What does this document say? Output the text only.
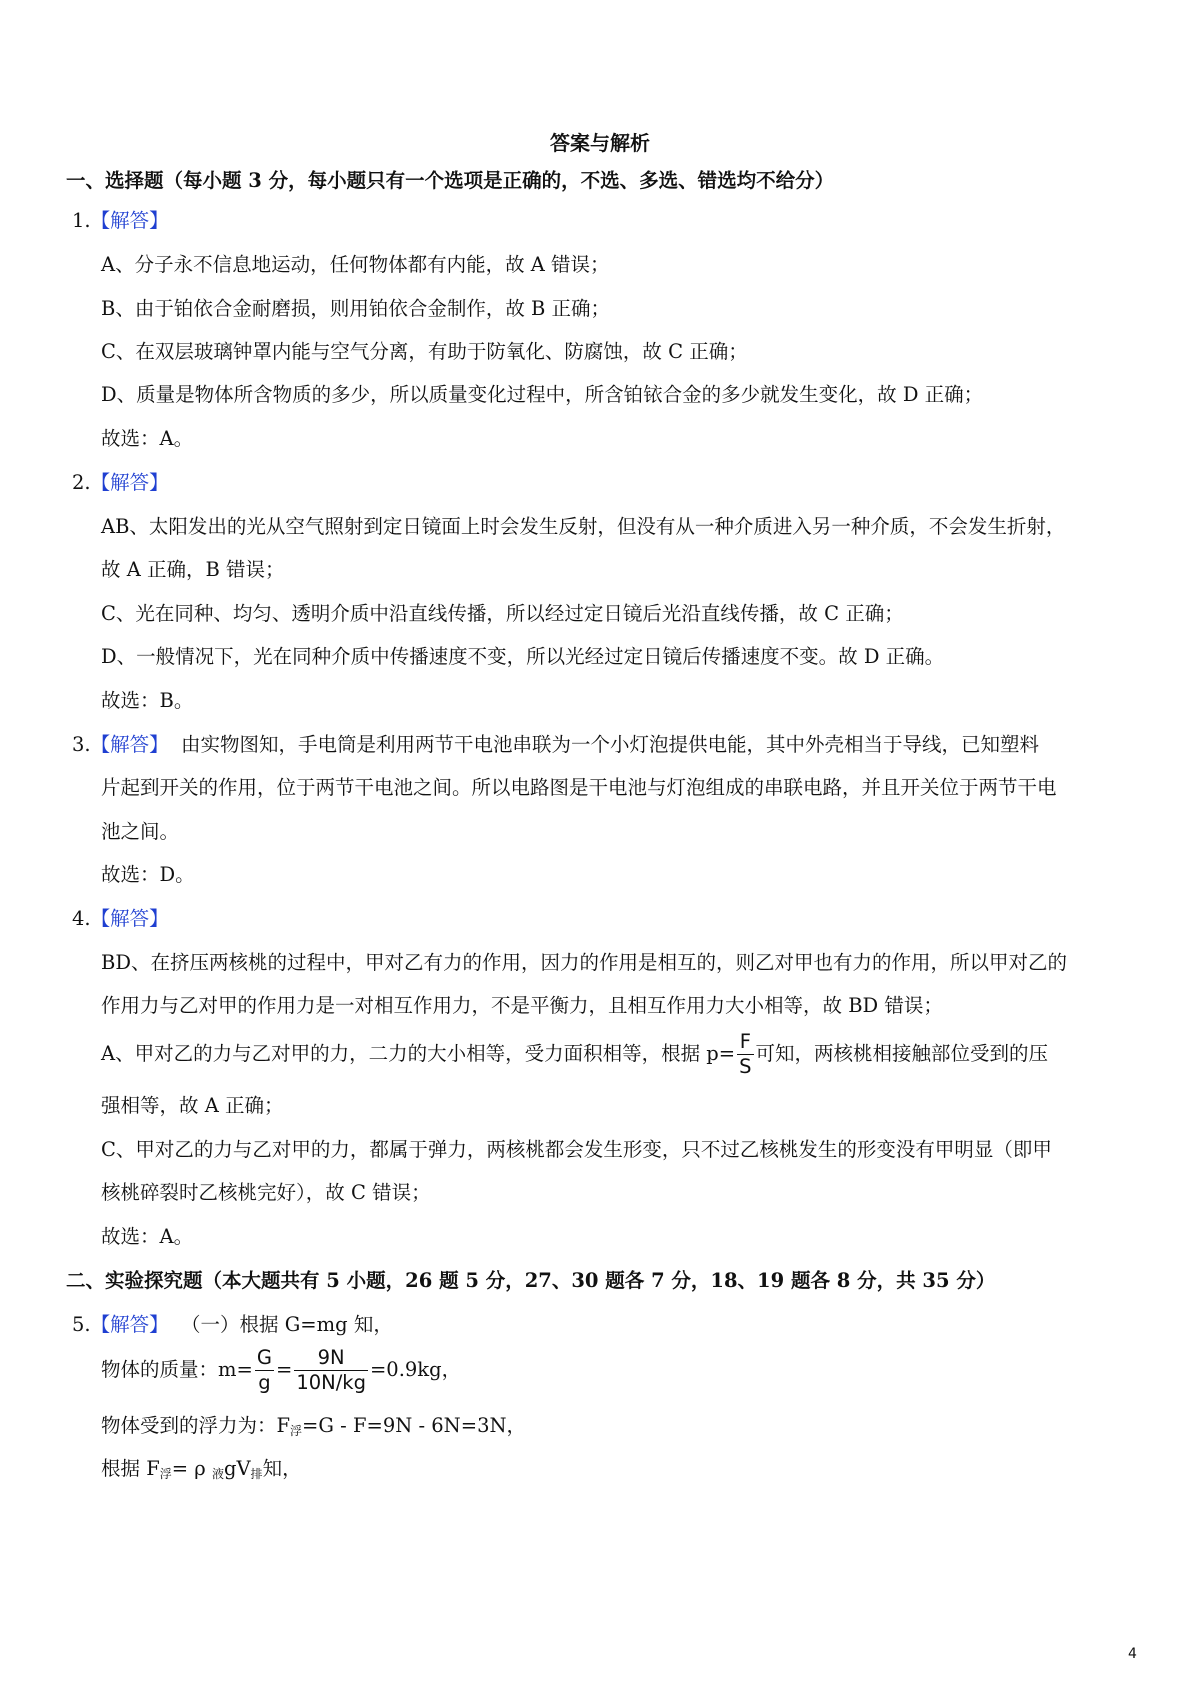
答案与解析
一、选择题（每小题 3 分，每小题只有一个选项是正确的，不选、多选、错选均不给分）
1.【解答】
A、分子永不信息地运动，任何物体都有内能，故 A 错误；
B、由于铂依合金耐磨损，则用铂依合金制作，故 B 正确；
C、在双层玻璃钟罩内能与空气分离，有助于防氧化、防腐蚀，故 C 正确；
D、质量是物体所含物质的多少，所以质量变化过程中，所含铂铱合金的多少就发生变化，故 D 正确；
故选：A。
2.【解答】
AB、太阳发出的光从空气照射到定日镜面上时会发生反射，但没有从一种介质进入另一种介质，不会发生折射，
故 A 正确，B 错误；
C、光在同种、均匀、透明介质中沿直线传播，所以经过定日镜后光沿直线传播，故 C 正确；
D、一般情况下，光在同种介质中传播速度不变，所以光经过定日镜后传播速度不变。故 D 正确。
故选：B。
3.【解答】 由实物图知，手电筒是利用两节干电池串联为一个小灯泡提供电能，其中外壳相当于导线，已知塑料
片起到开关的作用，位于两节干电池之间。所以电路图是干电池与灯泡组成的串联电路，并且开关位于两节干电
池之间。
故选：D。
4.【解答】
BD、在挤压两核桃的过程中，甲对乙有力的作用，因力的作用是相互的，则乙对甲也有力的作用，所以甲对乙的
作用力与乙对甲的作用力是一对相互作用力，不是平衡力，且相互作用力大小相等，故 BD 错误；
A、甲对乙的力与乙对甲的力，二力的大小相等，受力面积相等，根据 $p= \frac{F}{S}$ 可知，两核桃相接触部位受到的压
强相等，故 A 正确；
C、甲对乙的力与乙对甲的力，都属于弹力，两核桃都会发生形变，只不过乙核桃发生的形变没有甲明显（即甲
核桃碎裂时乙核桃完好），故 C 错误；
故选：A。
二、实验探究题（本大题共有 5 小题，26 题 5 分，27、30 题各 7 分，18、19 题各 8 分，共 35 分）
5.【解答】 （一）根据 G=mg 知，
物体的质量：$m= \frac{G}{g} = \frac{9N}{10N/kg} =0.9kg$，
物体受到的浮力为：$F_浮=G - F=9N - 6N=3N$，
根据 $F_浮= \rho$ $_液gV_排$知，
4
